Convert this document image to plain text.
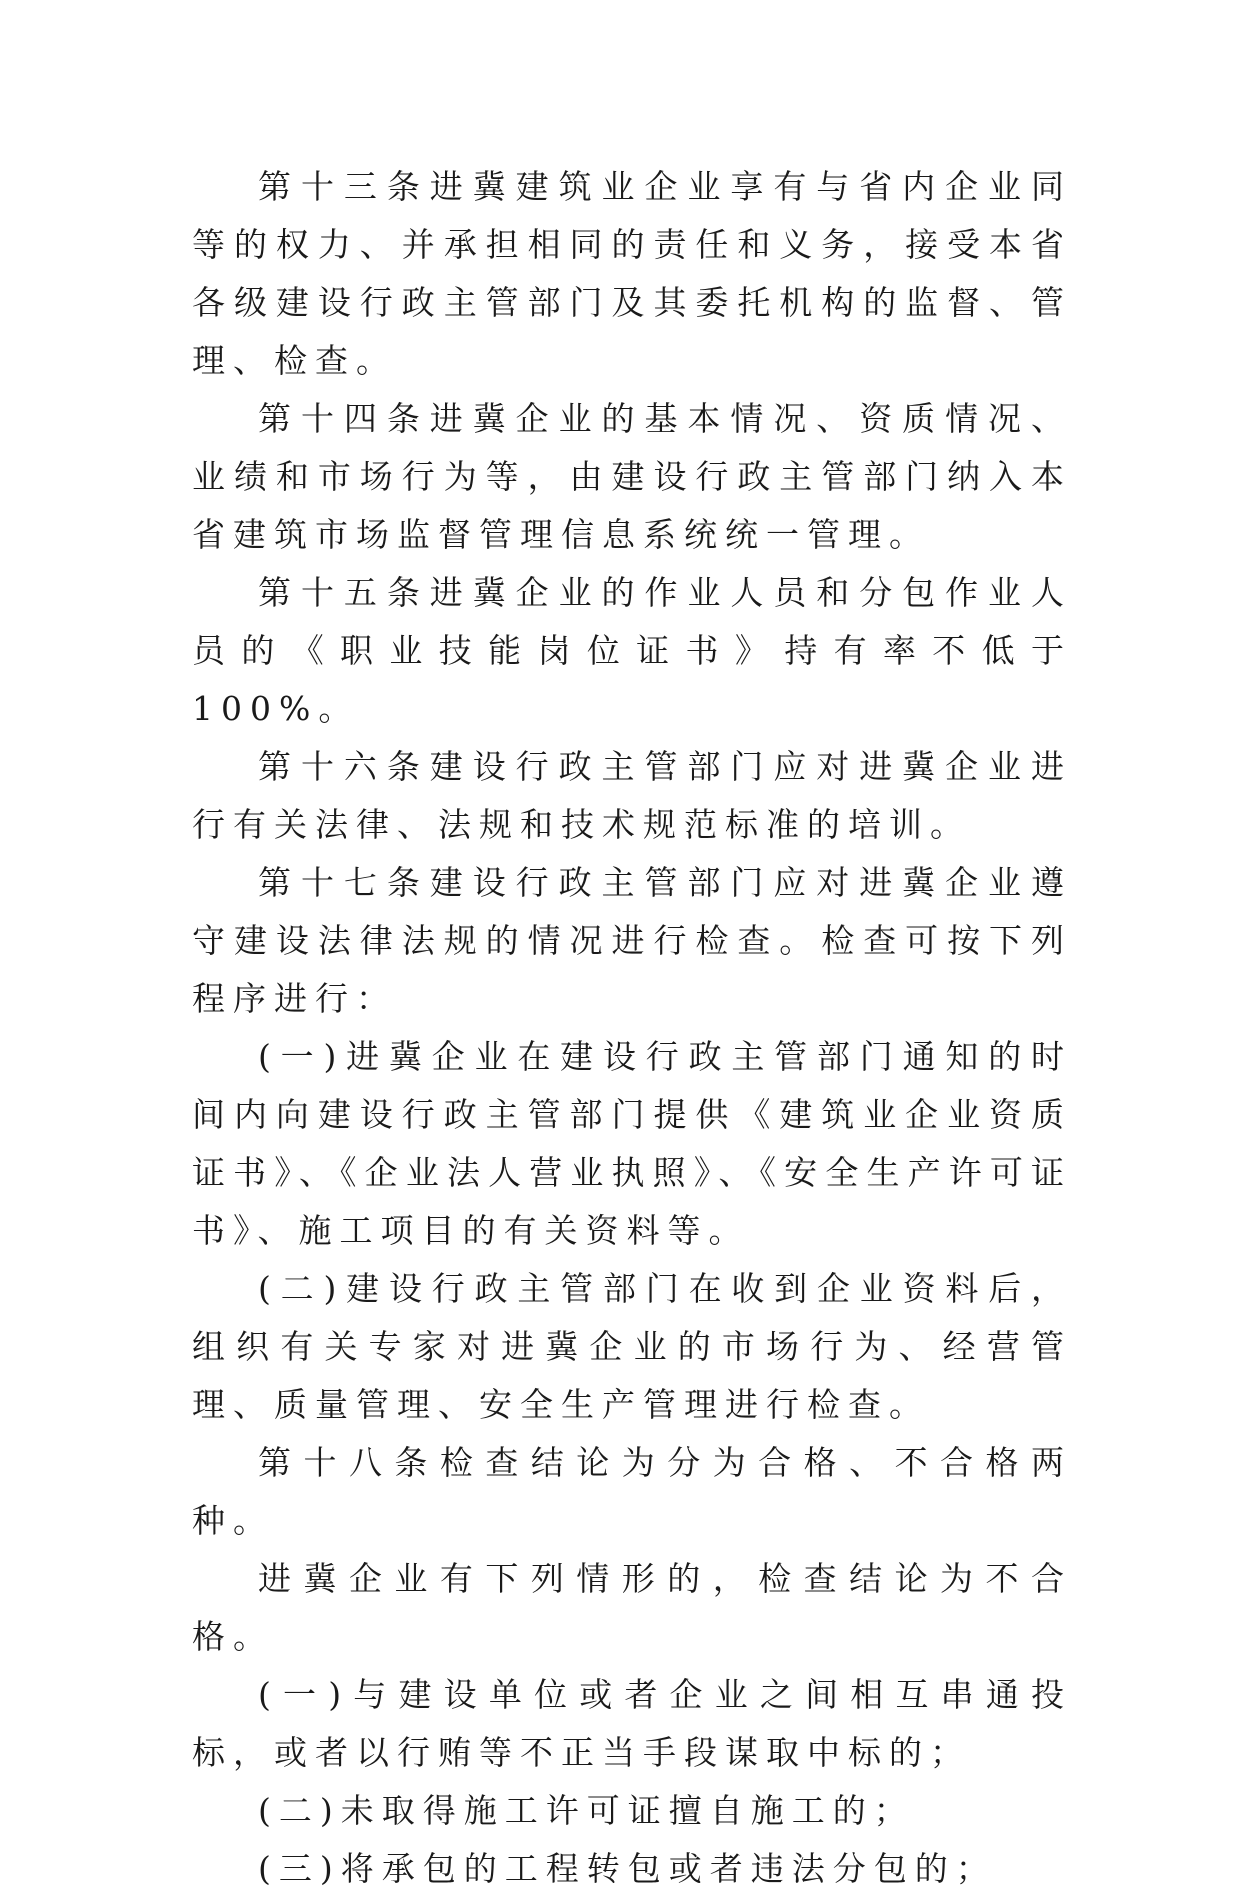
第十三条进冀建筑业企业享有与省内企业同等的权力、并承担相同的责任和义务，接受本省各级建设行政主管部门及其委托机构的监督、管理、检查。

第十四条进冀企业的基本情况、资质情况、业绩和市场行为等，由建设行政主管部门纳入本省建筑市场监督管理信息系统统一管理。

第十五条进冀企业的作业人员和分包作业人员的《职业技能岗位证书》持有率不低于100%。

第十六条建设行政主管部门应对进冀企业进行有关法律、法规和技术规范标准的培训。

第十七条建设行政主管部门应对进冀企业遵守建设法律法规的情况进行检查。检查可按下列程序进行：

(一)进冀企业在建设行政主管部门通知的时间内向建设行政主管部门提供《建筑业企业资质证书》、《企业法人营业执照》、《安全生产许可证书》、施工项目的有关资料等。

(二)建设行政主管部门在收到企业资料后，组织有关专家对进冀企业的市场行为、经营管理、质量管理、安全生产管理进行检查。

第十八条检查结论为分为合格、不合格两种。

进冀企业有下列情形的，检查结论为不合格。

(一)与建设单位或者企业之间相互串通投标，或者以行贿等不正当手段谋取中标的；

(二)未取得施工许可证擅自施工的；

(三)将承包的工程转包或者违法分包的；
